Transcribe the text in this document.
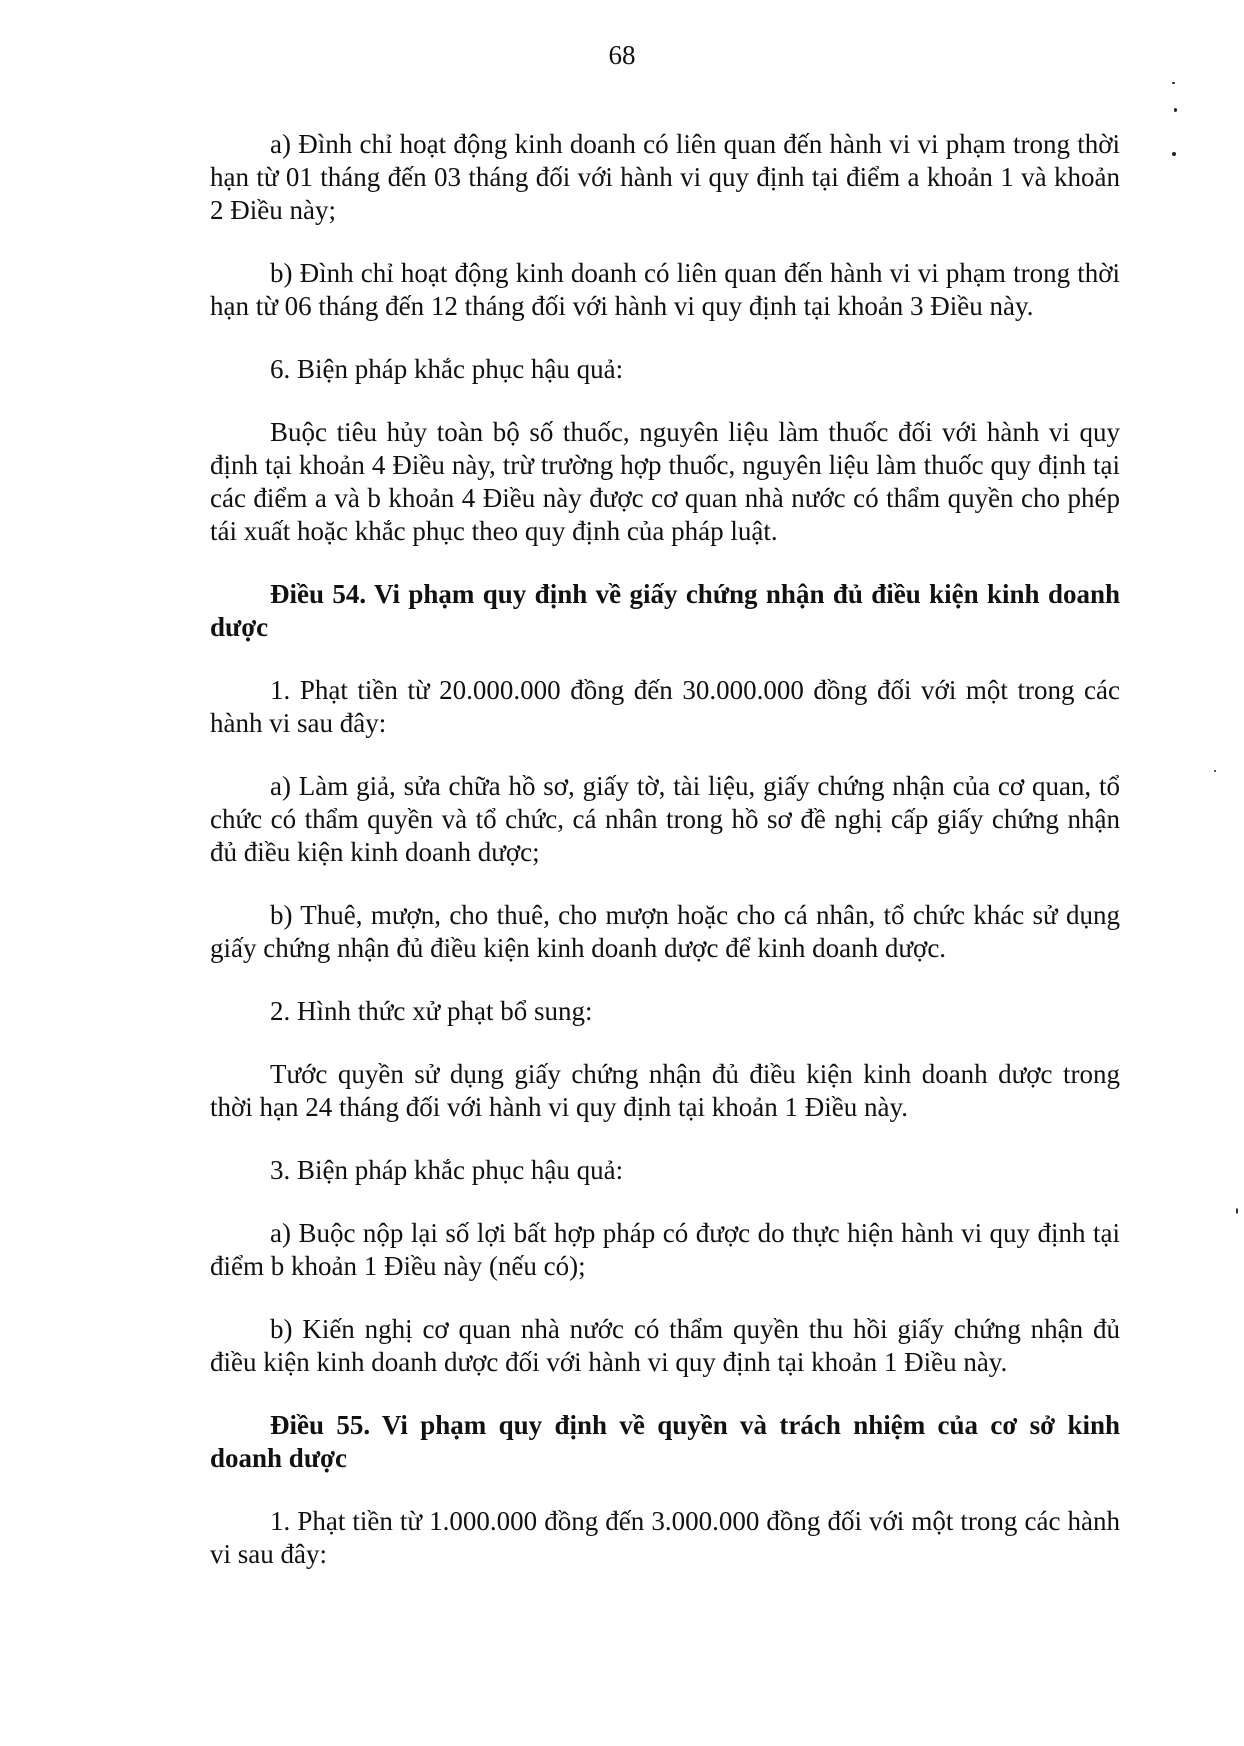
68

a) Đình chỉ hoạt động kinh doanh có liên quan đến hành vi vi phạm trong thời hạn từ 01 tháng đến 03 tháng đối với hành vi quy định tại điểm a khoản 1 và khoản 2 Điều này;

b) Đình chỉ hoạt động kinh doanh có liên quan đến hành vi vi phạm trong thời hạn từ 06 tháng đến 12 tháng đối với hành vi quy định tại khoản 3 Điều này.

6. Biện pháp khắc phục hậu quả:

Buộc tiêu hủy toàn bộ số thuốc, nguyên liệu làm thuốc đối với hành vi quy định tại khoản 4 Điều này, trừ trường hợp thuốc, nguyên liệu làm thuốc quy định tại các điểm a và b khoản 4 Điều này được cơ quan nhà nước có thẩm quyền cho phép tái xuất hoặc khắc phục theo quy định của pháp luật.

Điều 54. Vi phạm quy định về giấy chứng nhận đủ điều kiện kinh doanh dược

1. Phạt tiền từ 20.000.000 đồng đến 30.000.000 đồng đối với một trong các hành vi sau đây:

a) Làm giả, sửa chữa hồ sơ, giấy tờ, tài liệu, giấy chứng nhận của cơ quan, tổ chức có thẩm quyền và tổ chức, cá nhân trong hồ sơ đề nghị cấp giấy chứng nhận đủ điều kiện kinh doanh dược;

b) Thuê, mượn, cho thuê, cho mượn hoặc cho cá nhân, tổ chức khác sử dụng giấy chứng nhận đủ điều kiện kinh doanh dược để kinh doanh dược.

2. Hình thức xử phạt bổ sung:

Tước quyền sử dụng giấy chứng nhận đủ điều kiện kinh doanh dược trong thời hạn 24 tháng đối với hành vi quy định tại khoản 1 Điều này.

3. Biện pháp khắc phục hậu quả:

a) Buộc nộp lại số lợi bất hợp pháp có được do thực hiện hành vi quy định tại điểm b khoản 1 Điều này (nếu có);

b) Kiến nghị cơ quan nhà nước có thẩm quyền thu hồi giấy chứng nhận đủ điều kiện kinh doanh dược đối với hành vi quy định tại khoản 1 Điều này.

Điều 55. Vi phạm quy định về quyền và trách nhiệm của cơ sở kinh doanh dược

1. Phạt tiền từ 1.000.000 đồng đến 3.000.000 đồng đối với một trong các hành vi sau đây:
